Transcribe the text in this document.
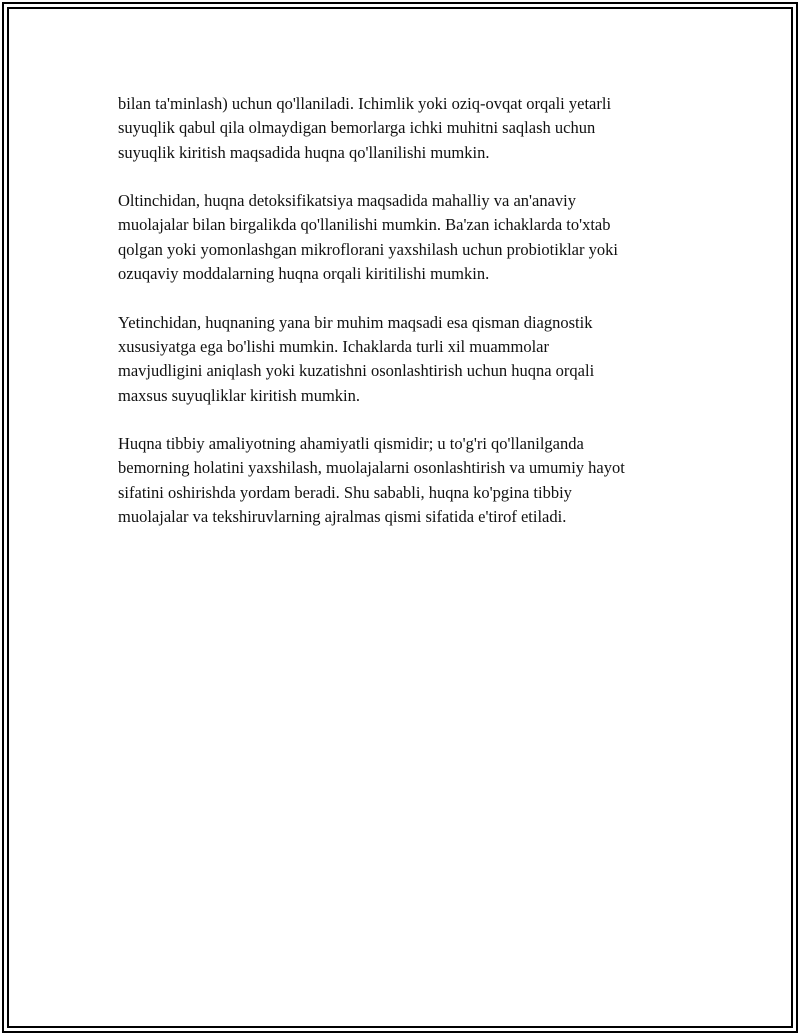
bilan ta'minlash) uchun qo'llaniladi. Ichimlik yoki oziq-ovqat orqali yetarli
suyuqlik qabul qila olmaydigan bemorlarga ichki muhitni saqlash uchun
suyuqlik kiritish maqsadida huqna qo'llanilishi mumkin.

Oltinchidan, huqna detoksifikatsiya maqsadida mahalliy va an'anaviy
muolajalar bilan birgalikda qo'llanilishi mumkin. Ba'zan ichaklarda to'xtab
qolgan yoki yomonlashgan mikroflorani yaxshilash uchun probiotiklar yoki
ozuqaviy moddalarning huqna orqali kiritilishi mumkin.

Yetinchidan, huqnaning yana bir muhim maqsadi esa qisman diagnostik
xususiyatga ega bo'lishi mumkin. Ichaklarda turli xil muammolar
mavjudligini aniqlash yoki kuzatishni osonlashtirish uchun huqna orqali
maxsus suyuqliklar kiritish mumkin.

Huqna tibbiy amaliyotning ahamiyatli qismidir; u to'g'ri qo'llanilganda
bemorning holatini yaxshilash, muolajalarni osonlashtirish va umumiy hayot
sifatini oshirishda yordam beradi. Shu sababli, huqna ko'pgina tibbiy
muolajalar va tekshiruvlarning ajralmas qismi sifatida e'tirof etiladi.
